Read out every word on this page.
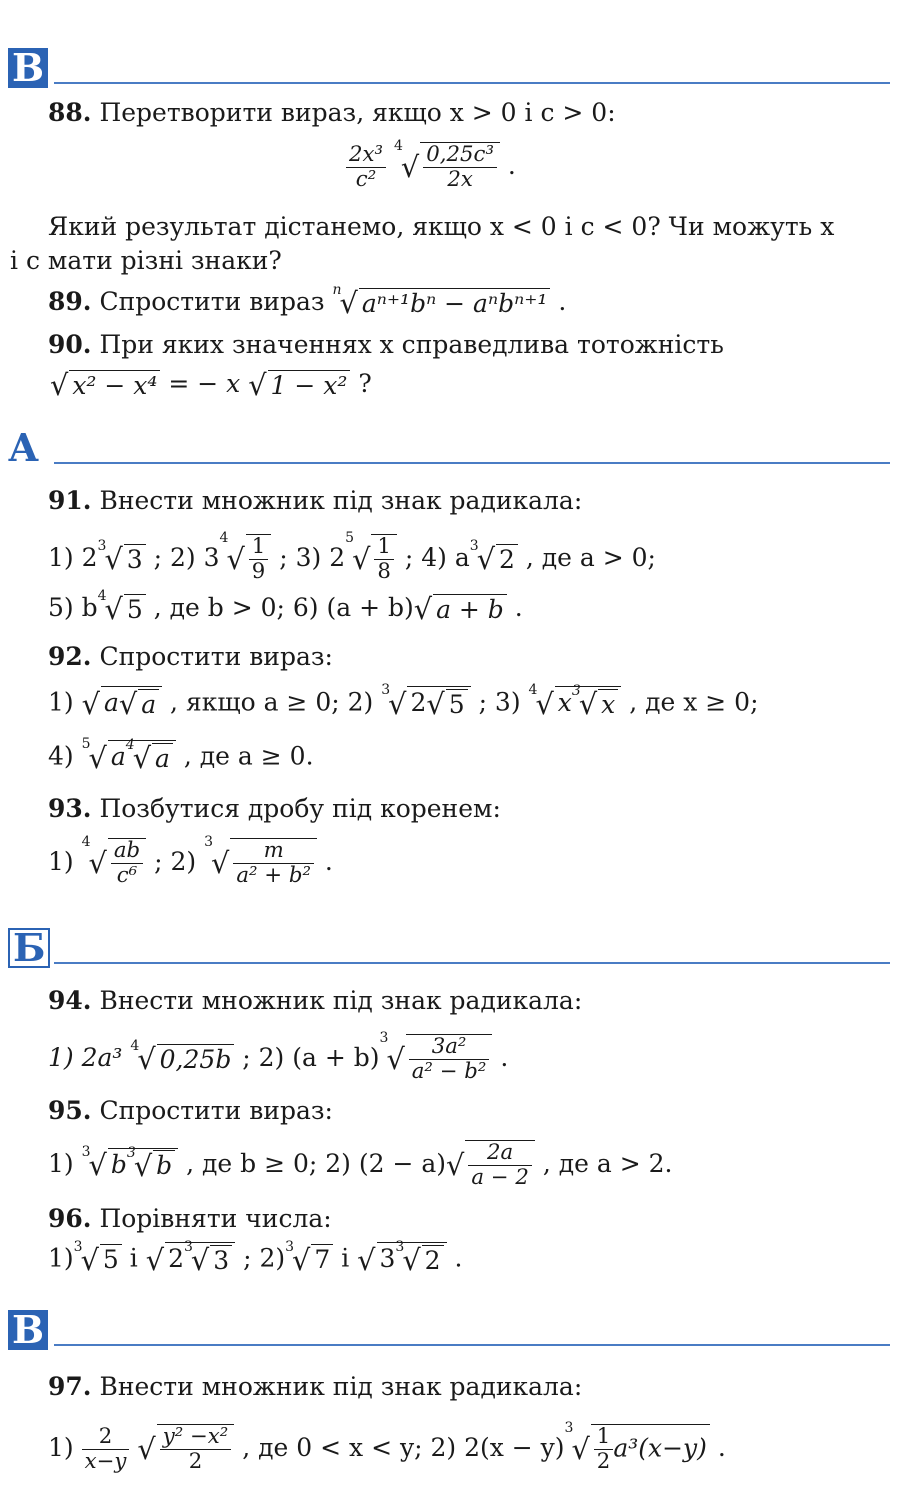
В
88. Перетворити вираз, якщо x > 0 і c > 0:
$\frac{\text{2x³}}{\text{c²}} ^4√ \frac{\text{0,25c³}}{2x}$ .
Який результат дістанемо, якщо x < 0 і c < 0? Чи можуть x
і c мати різні знаки?
89. Спростити вираз $^n$√ aⁿ⁺¹bⁿ − aⁿbⁿ⁺¹ .
90. При яких значеннях x справедлива тотожність
√ x² − x⁴ = − x √ 1 − x² ?
А
91. Внести множник під знак радикала:
1) $2^3√$ 3 ; 2) $3^4√ \frac{1}{9}$ ; 3) $2^5√ \frac{1}{8}$ ; 4) $a^3√$ 2 , де a > 0;
5) $b^4√$ 5 , де b > 0; 6) (a + b)√ a + b .
92. Спростити вираз:
1) √ a√ a , якщо a ≥ 0; 2) $^3$√ 2√ 5 ; 3) $^4$√ $x^3√$ x , де x ≥ 0;
4) $^5$√ $a^4√$ a , де a ≥ 0.
93. Позбутися дробу під коренем:
1) $^4√ \frac{ab}{\text{c⁶}}$ ; 2) $^3√ \frac{m}{\text{a² + b²}}$ .
Б
94. Внести множник під знак радикала:
1) 2a³ $^4$√ 0,25b ; 2) $(a + b)^3√ \frac{\text{3a²}}{\text{a² − b²}}$ .
95. Спростити вираз:
1) $^3$√ $b^3√$ b , де b ≥ 0; 2) $(2 - a)√ \frac{2a}{a - 2}$ , де a > 2.
96. Порівняти числа:
1)$^3$√ 5 і √ $2^3√$ 3 ; 2)$^3$√ 7 і √ $3^3√$ 2 .
В
97. Внести множник під знак радикала:
$1) \frac{2}{x-y}$ √ $\frac{\text{y² −x²}}{2}$ , де 0 < x < y; 2) $2(x - y)^3√ \frac{1}{2} a^3(x-y)$ .
